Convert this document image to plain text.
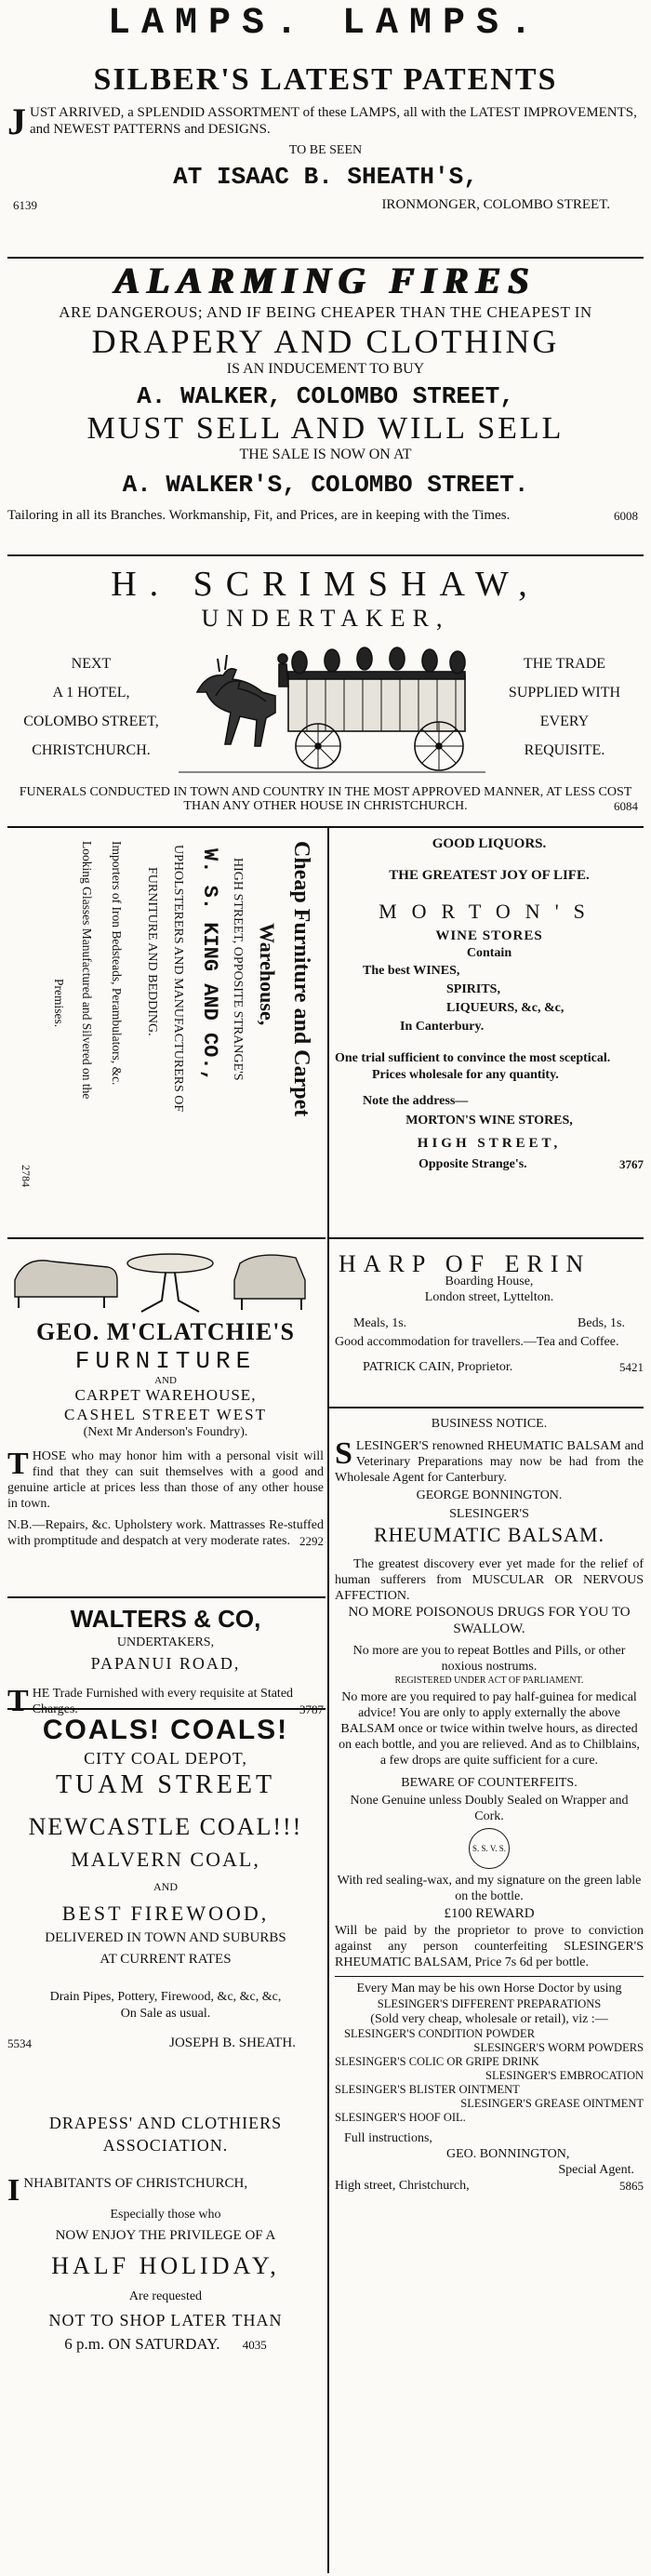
LAMPS. LAMPS.
SILBER'S LATEST PATENTS
J UST ARRIVED, a SPLENDID ASSORTMENT of these LAMPS, all with the LATEST IMPROVEMENTS, and NEWEST PATTERNS and DESIGNS.
TO BE SEEN
AT ISAAC B. SHEATH'S,
6139	IRONMONGER, COLOMBO STREET.
ALARMING FIRES
ARE DANGEROUS; AND IF BEING CHEAPER THAN THE CHEAPEST IN
DRAPERY AND CLOTHING
IS AN INDUCEMENT TO BUY
A. WALKER, COLOMBO STREET,
MUST SELL AND WILL SELL
THE SALE IS NOW ON AT
A. WALKER'S, COLOMBO STREET.
Tailoring in all its Branches. Workmanship, Fit, and Prices, are in keeping with the Times.	6008
H. SCRIMSHAW,
UNDERTAKER,
NEXT
A 1 HOTEL,
COLOMBO STREET,
CHRISTCHURCH.
THE TRADE
SUPPLIED WITH
EVERY
REQUISITE.
FUNERALS CONDUCTED IN TOWN AND COUNTRY IN THE MOST APPROVED MANNER, AT LESS COST THAN ANY OTHER HOUSE IN CHRISTCHURCH.	6084
Cheap Furniture and Carpet
Warehouse,
HIGH STREET, OPPOSITE STRANGE'S
W. S. KING AND CO.,
UPHOLSTERERS AND MANUFACTURERS OF
FURNITURE AND BEDDING.
Importers of Iron Bedsteads, Perambulators, &c.
Looking Glasses Manufactured and Silvered on the
Premises.
2784
GEO. M'CLATCHIE'S
FURNITURE
AND
CARPET WAREHOUSE,
CASHEL STREET WEST
(Next Mr Anderson's Foundry).
T HOSE who may honor him with a personal visit will find that they can suit themselves with a good and genuine article at prices less than those of any other house in town.
N.B.—Repairs, &c. Upholstery work. Mattrasses Re-stuffed with promptitude and despatch at very moderate rates. 2292
WALTERS & CO,
UNDERTAKERS,
PAPANUI ROAD,
T HE Trade Furnished with every requisite at Stated Charges.	3787
COALS! COALS!
CITY COAL DEPOT,
TUAM STREET
NEWCASTLE COAL!!!
MALVERN COAL,
AND
BEST FIREWOOD,
DELIVERED IN TOWN AND SUBURBS
AT CURRENT RATES
Drain Pipes, Pottery, Firewood, &c, &c, &c,
On Sale as usual.
5534	JOSEPH B. SHEATH.
DRAPESS' AND CLOTHIERS ASSOCIATION.
I NHABITANTS OF CHRISTCHURCH,
Especially those who
NOW ENJOY THE PRIVILEGE OF A
HALF HOLIDAY,
Are requested
NOT TO SHOP LATER THAN
6 p.m. ON SATURDAY. 4035
GOOD LIQUORS.
THE GREATEST JOY OF LIFE.
MORTON'S
WINE STORES
Contain
The best WINES,
SPIRITS,
LIQUEURS, &c, &c,
In Canterbury.
One trial sufficient to convince the most sceptical.
Prices wholesale for any quantity.
Note the address—
MORTON'S WINE STORES,
HIGH STREET,
Opposite Strange's.	3767
HARP OF ERIN
Boarding House,
London street, Lyttelton.
Meals, 1s.	Beds, 1s.
Good accommodation for travellers.—Tea and Coffee.
PATRICK CAIN, Proprietor.	5421
BUSINESS NOTICE.
S LESINGER'S renowned RHEUMATIC BALSAM and Veterinary Preparations may now be had from the Wholesale Agent for Canterbury.
GEORGE BONNINGTON.
SLESINGER'S
RHEUMATIC BALSAM.
The greatest discovery ever yet made for the relief of human sufferers from MUSCULAR OR NERVOUS AFFECTION.
NO MORE POISONOUS DRUGS FOR YOU TO SWALLOW.
No more are you to repeat Bottles and Pills, or other noxious nostrums.
REGISTERED UNDER ACT OF PARLIAMENT.
No more are you required to pay half-guinea for medical advice! You are only to apply externally the above BALSAM once or twice within twelve hours, as directed on each bottle, and you are relieved. And as to Chilblains, a few drops are quite sufficient for a cure.
BEWARE OF COUNTERFEITS.
None Genuine unless Doubly Sealed on Wrapper and Cork.
S. S. V. S.
With red sealing-wax, and my signature on the green lable on the bottle.
£100 REWARD
Will be paid by the proprietor to prove to conviction against any person counterfeiting SLESINGER'S RHEUMATIC BALSAM, Price 7s 6d per bottle.
Every Man may be his own Horse Doctor by using
SLESINGER'S DIFFERENT PREPARATIONS
(Sold very cheap, wholesale or retail), viz :—
SLESINGER'S CONDITION POWDER
SLESINGER'S WORM POWDERS
SLESINGER'S COLIC OR GRIPE DRINK
SLESINGER'S EMBROCATION
SLESINGER'S BLISTER OINTMENT
SLESINGER'S GREASE OINTMENT
SLESINGER'S HOOF OIL.
Full instructions,
GEO. BONNINGTON,
Special Agent.
High street, Christchurch,	5865
